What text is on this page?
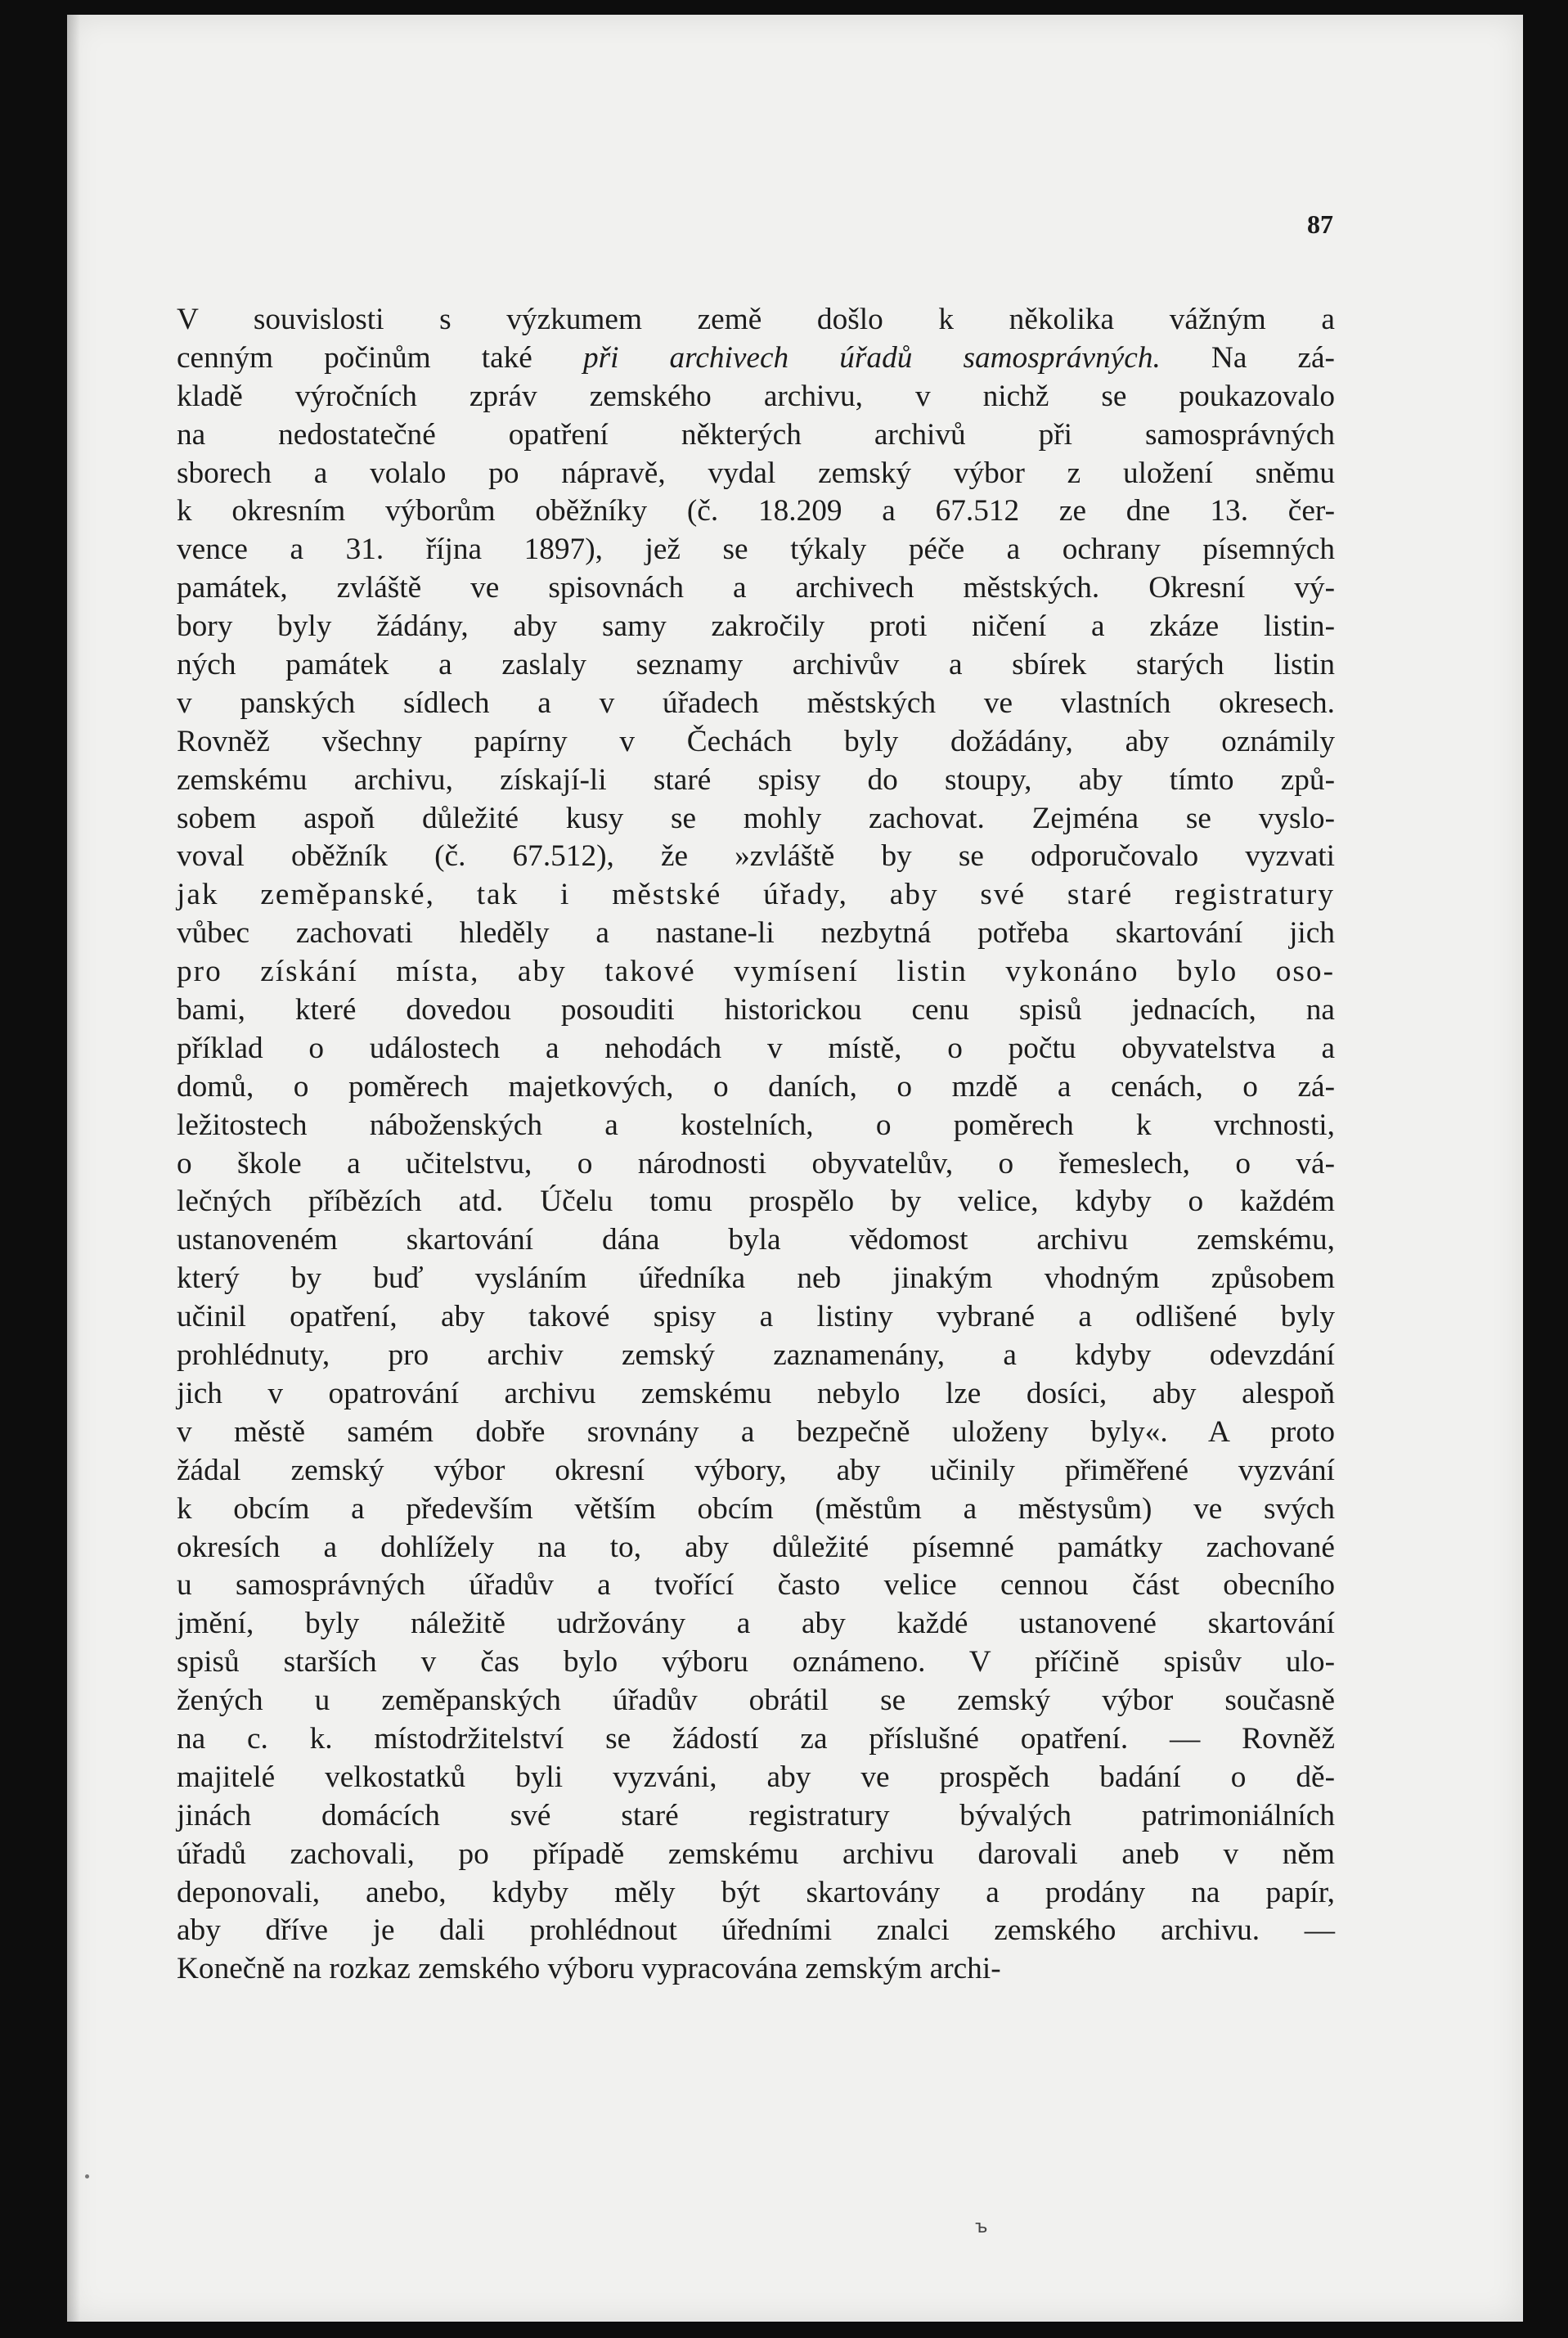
87
V souvislosti s výzkumem země došlo k několika vážným a
cenným počinům také při archivech úřadů samosprávných. Na zá-
kladě výročních zpráv zemského archivu, v nichž se poukazovalo
na nedostatečné opatření některých archivů při samosprávných
sborech a volalo po nápravě, vydal zemský výbor z uložení sněmu
k okresním výborům oběžníky (č. 18.209 a 67.512 ze dne 13. čer-
vence a 31. října 1897), jež se týkaly péče a ochrany písemných
památek, zvláště ve spisovnách a archivech městských. Okresní vý-
bory byly žádány, aby samy zakročily proti ničení a zkáze listin-
ných památek a zaslaly seznamy archivův a sbírek starých listin
v panských sídlech a v úřadech městských ve vlastních okresech.
Rovněž všechny papírny v Čechách byly dožádány, aby oznámily
zemskému archivu, získají-li staré spisy do stoupy, aby tímto způ-
sobem aspoň důležité kusy se mohly zachovat. Zejména se vyslo-
voval oběžník (č. 67.512), že »zvláště by se odporučovalo vyzvati
jak zeměpanské, tak i městské úřady, aby své staré registratury
vůbec zachovati hleděly a nastane-li nezbytná potřeba skartování jich
pro získání místa, aby takové vymísení listin vykonáno bylo oso-
bami, které dovedou posouditi historickou cenu spisů jednacích, na
příklad o událostech a nehodách v místě, o počtu obyvatelstva a
domů, o poměrech majetkových, o daních, o mzdě a cenách, o zá-
ležitostech náboženských a kostelních, o poměrech k vrchnosti,
o škole a učitelstvu, o národnosti obyvatelův, o řemeslech, o vá-
lečných příbězích atd. Účelu tomu prospělo by velice, kdyby o každém
ustanoveném skartování dána byla vědomost archivu zemskému,
který by buď vysláním úředníka neb jinakým vhodným způsobem
učinil opatření, aby takové spisy a listiny vybrané a odlišené byly
prohlédnuty, pro archiv zemský zaznamenány, a kdyby odevzdání
jich v opatrování archivu zemskému nebylo lze dosíci, aby alespoň
v městě samém dobře srovnány a bezpečně uloženy byly«. A proto
žádal zemský výbor okresní výbory, aby učinily přiměřené vyzvání
k obcím a především větším obcím (městům a městysům) ve svých
okresích a dohlížely na to, aby důležité písemné památky zachované
u samosprávných úřadův a tvořící často velice cennou část obecního
jmění, byly náležitě udržovány a aby každé ustanovené skartování
spisů starších v čas bylo výboru oznámeno. V příčině spisův ulo-
žených u zeměpanských úřadův obrátil se zemský výbor současně
na c. k. místodržitelství se žádostí za příslušné opatření. — Rovněž
majitelé velkostatků byli vyzváni, aby ve prospěch badání o dě-
jinách domácích své staré registratury bývalých patrimoniálních
úřadů zachovali, po případě zemskému archivu darovali aneb v něm
deponovali, anebo, kdyby měly být skartovány a prodány na papír,
aby dříve je dali prohlédnout úředními znalci zemského archivu. —
Konečně na rozkaz zemského výboru vypracována zemským archi-
ъ
